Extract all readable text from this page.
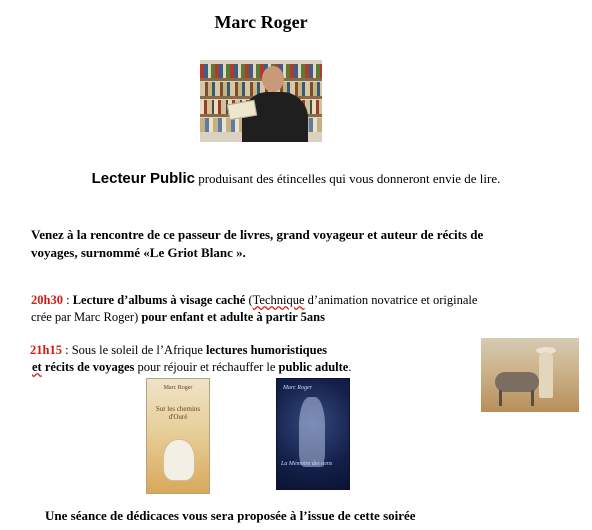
Marc Roger
Lecteur Public produisant des étincelles qui vous donneront envie de lire.
Venez à la rencontre de ce passeur de livres, grand voyageur et auteur de récits de
voyages, surnommé «Le Griot Blanc ».
20h30 : Lecture d’albums à visage caché (Technique d’animation novatrice et originale
crée par Marc Roger) pour enfant et adulte à partir 5ans
21h15 : Sous le soleil de l’Afrique lectures humoristiques
et récits de voyages pour réjouir et réchauffer le public adulte.
Marc Roger
Sur les chemins d'Ouré
Marc Roger
La Mémoire des gens
Une séance de dédicaces vous sera proposée à l’issue de cette soirée
